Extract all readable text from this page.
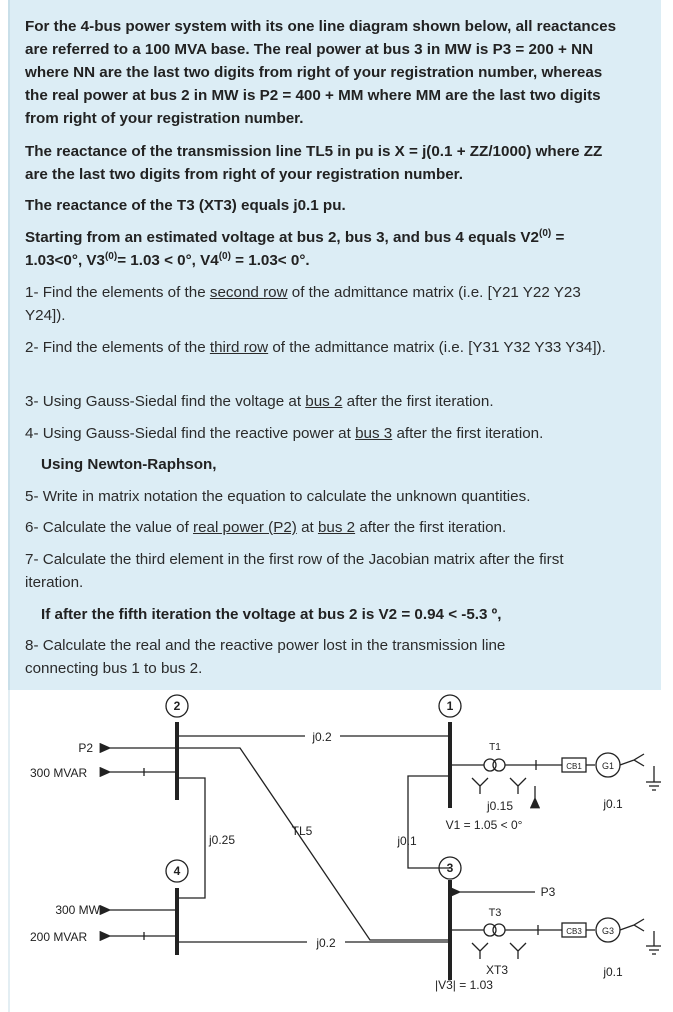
For the 4-bus power system with its one line diagram shown below, all reactances are referred to a 100 MVA base. The real power at bus 3 in MW is P3 = 200 + NN where NN are the last two digits from right of your registration number, whereas the real power at bus 2 in MW is P2 = 400 + MM where MM are the last two digits from right of your registration number.

The reactance of the transmission line TL5 in pu is X = j(0.1 + ZZ/1000) where ZZ are the last two digits from right of your registration number.

The reactance of the T3 (XT3) equals j0.1 pu.

Starting from an estimated voltage at bus 2, bus 3, and bus 4 equals $V2^{(0)} = 1.03<0^\circ$, $V3^{(0)}= 1.03 < 0^\circ$, $V4^{(0)} = 1.03< 0^\circ$.

1- Find the elements of the second row of the admittance matrix (i.e. [Y21 Y22 Y23 Y24]).

2- Find the elements of the third row of the admittance matrix (i.e. [Y31 Y32 Y33 Y34]).

3- Using Gauss-Siedal find the voltage at bus 2 after the first iteration.

4- Using Gauss-Siedal find the reactive power at bus 3 after the first iteration.

Using Newton-Raphson,

5- Write in matrix notation the equation to calculate the unknown quantities.

6- Calculate the value of real power (P2) at bus 2 after the first iteration.

7- Calculate the third element in the first row of the Jacobian matrix after the first iteration.

If after the fifth iteration the voltage at bus 2 is V2 = 0.94 < -5.3 º,

8- Calculate the real and the reactive power lost in the transmission line connecting bus 1 to bus 2.

2	1
4	3
P2
300 MVAR
j0.2
T1
CB1 G1
j0.15	j0.1
V1 = 1.05 < 0°
TL5
j0.25	j0.1
P3
300 MW
200 MVAR
T3
CB3 G3
j0.2
XT3	j0.1
|V3| = 1.03
